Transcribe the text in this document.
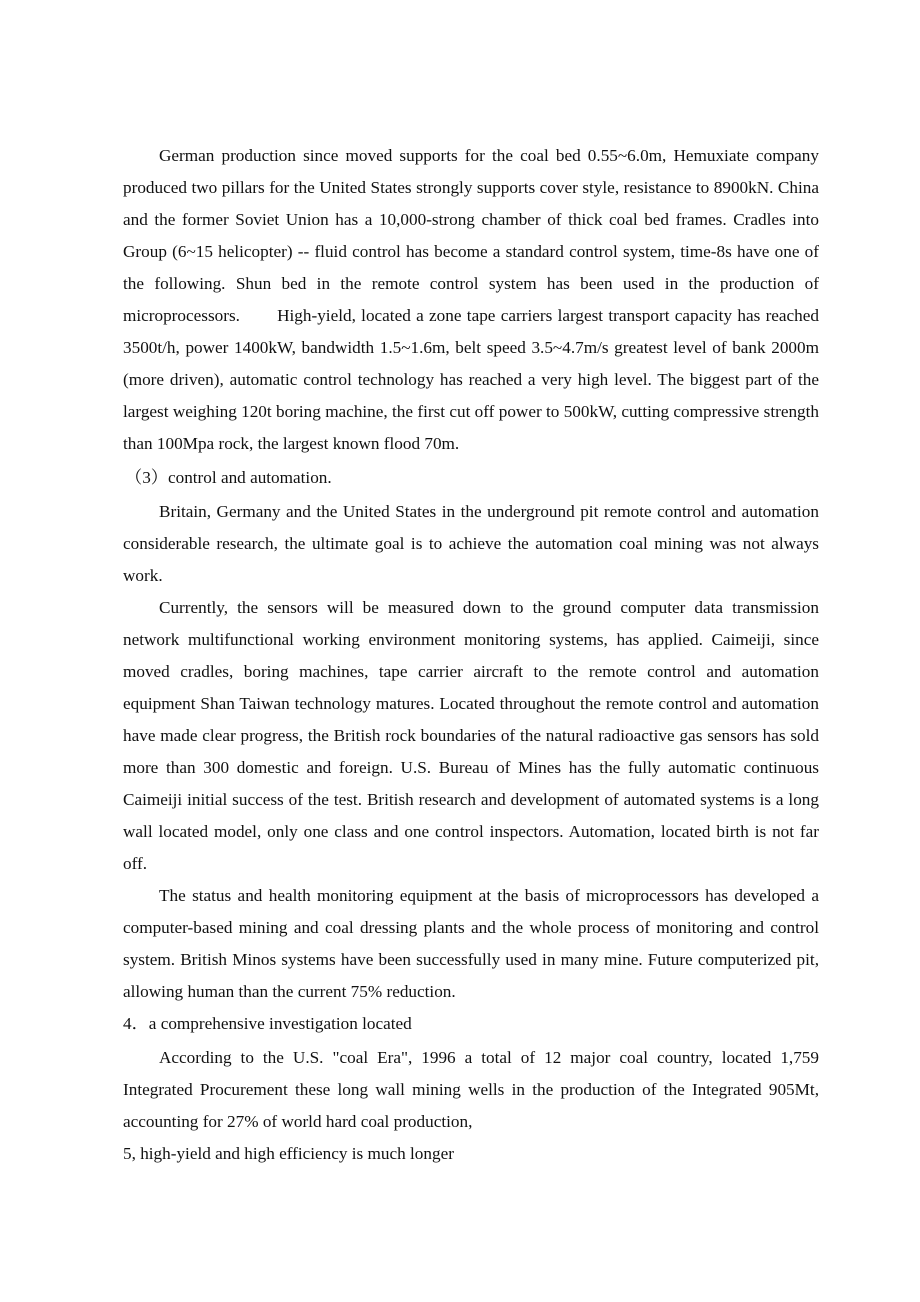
German production since moved supports for the coal bed 0.55~6.0m, Hemuxiate company produced two pillars for the United States strongly supports cover style, resistance to 8900kN. China and the former Soviet Union has a 10,000-strong chamber of thick coal bed frames. Cradles into Group (6~15 helicopter) -- fluid control has become a standard control system, time-8s have one of the following. Shun bed in the remote control system has been used in the production of microprocessors.       High-yield, located a zone tape carriers largest transport capacity has reached 3500t/h, power 1400kW, bandwidth 1.5~1.6m, belt speed 3.5~4.7m/s greatest level of bank 2000m (more driven), automatic control technology has reached a very high level. The biggest part of the largest weighing 120t boring machine, the first cut off power to 500kW, cutting compressive strength than 100Mpa rock, the largest known flood 70m.

（3）control and automation.

Britain, Germany and the United States in the underground pit remote control and automation considerable research, the ultimate goal is to achieve the automation coal mining was not always work.

Currently, the sensors will be measured down to the ground computer data transmission network multifunctional working environment monitoring systems, has applied. Caimeiji, since moved cradles, boring machines, tape carrier aircraft to the remote control and automation equipment Shan Taiwan technology matures. Located throughout the remote control and automation have made clear progress, the British rock boundaries of the natural radioactive gas sensors has sold more than 300 domestic and foreign. U.S. Bureau of Mines has the fully automatic continuous Caimeiji initial success of the test. British research and development of automated systems is a long wall located model, only one class and one control inspectors. Automation, located birth is not far off.

The status and health monitoring equipment at the basis of microprocessors has developed a computer-based mining and coal dressing plants and the whole process of monitoring and control system. British Minos systems have been successfully used in many mine. Future computerized pit, allowing human than the current 75% reduction.

4．a comprehensive investigation located

According to the U.S. "coal Era", 1996 a total of 12 major coal country, located 1,759 Integrated Procurement these long wall mining wells in the production of the Integrated 905Mt, accounting for 27% of world hard coal production,

5, high-yield and high efficiency is much longer
